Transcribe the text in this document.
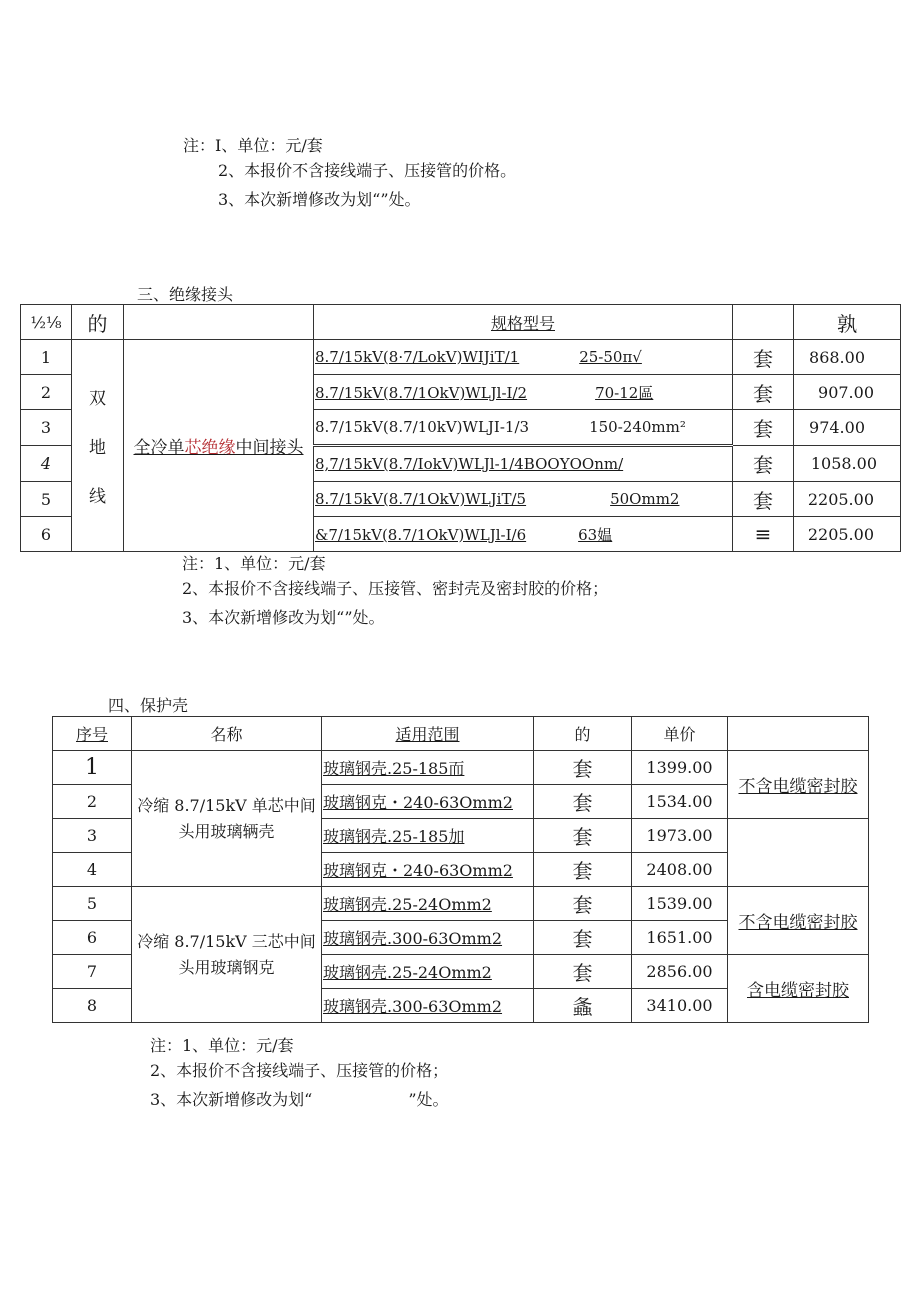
注：I、单位：元/套
2、本报价不含接线端子、压接管的价格。
3、本次新增修改为划“”处。
三、绝缘接头
½⅛	的		规格型号		孰
1	双
地
线	全冷单芯绝缘中间接头	8.7/15kV(8·7/LokV)WIJiT/1 25-50π√	套	868.00
2			8.7/15kV(8.7/1OkV)WLJl-I/2 70-12區	套	907.00
3			8.7/15kV(8.7/10kV)WLJI-1/3 150-240mm²	套	974.00
4			8,7/15kV(8.7/IokV)WLJl-1/4BOOYOOnm/	套	1058.00
5			8.7/15kV(8.7/1OkV)WLJiT/5 50Omm2	套	2205.00
6			&7/15kV(8.7/1OkV)WLJl-I/6 63媪	≡	2205.00
注：1、单位：元/套
2、本报价不含接线端子、压接管、密封壳及密封胶的价格；
3、本次新增修改为划“”处。
四、保护壳
序号	名称	适用范围	的	单价	
1	冷缩 8.7/15kV 单芯中间
头用玻璃辆壳	玻璃钢壳.25-185而	套	1399.00	不含电缆密封胶
2		玻璃钢克・240-63Omm2	套	1534.00	
3		玻璃钢壳.25-185加	套	1973.00	
4		玻璃钢克・240-63Omm2	套	2408.00	
5	冷缩 8.7/15kV 三芯中间
头用玻璃钢克	玻璃钢壳.25-24Omm2	套	1539.00	不含电缆密封胶
6		玻璃钢壳.300-63Omm2	套	1651.00	
7		玻璃钢壳.25-24Omm2	套	2856.00	含电缆密封胶
8		玻璃钢壳.300-63Omm2	螽	3410.00	
注：1、单位：元/套
2、本报价不含接线端子、压接管的价格；
3、本次新增修改为划“	”处。
